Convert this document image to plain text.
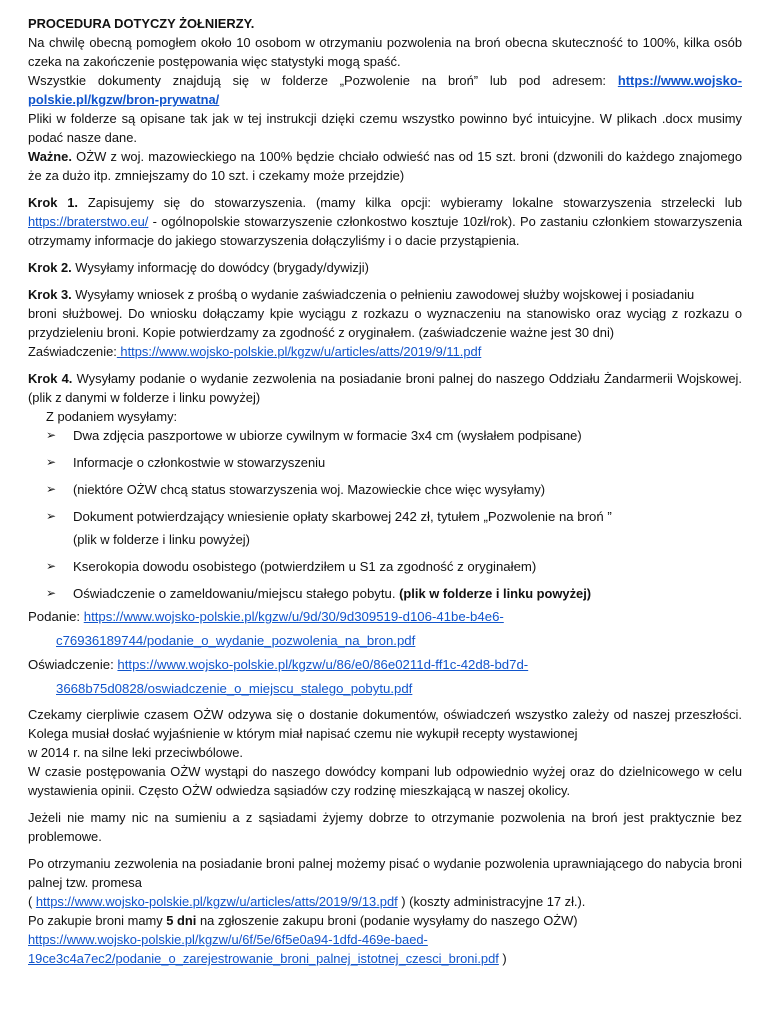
PROCEDURA DOTYCZY ŻOŁNIERZY.

Na chwilę obecną pomogłem około 10 osobom w otrzymaniu pozwolenia na broń obecna skuteczność to 100%, kilka osób czeka na zakończenie postępowania więc statystyki mogą spaść.

Wszystkie dokumenty znajdują się w folderze „Pozwolenie na broń” lub pod adresem: https://www.wojsko-polskie.pl/kgzw/bron-prywatna/

Pliki w folderze są opisane tak jak w tej instrukcji dzięki czemu wszystko powinno być intuicyjne. W plikach .docx musimy podać nasze dane.

Ważne. OŻW z woj. mazowieckiego na 100% będzie chciało odwieść nas od 15 szt. broni (dzwonili do każdego znajomego że za dużo itp. zmniejszamy do 10 szt. i czekamy może przejdzie)

Krok 1. Zapisujemy się do stowarzyszenia. (mamy kilka opcji: wybieramy lokalne stowarzyszenia strzelecki lub https://braterstwo.eu/ - ogólnopolskie stowarzyszenie członkostwo kosztuje 10zł/rok). Po zastaniu członkiem stowarzyszenia otrzymamy informacje do jakiego stowarzyszenia dołączyliśmy i o dacie przystąpienia.

Krok 2. Wysyłamy informację do dowódcy (brygady/dywizji)

Krok 3. Wysyłamy wniosek z prośbą o wydanie zaświadczenia o pełnieniu zawodowej służby wojskowej i posiadaniu

broni służbowej. Do wniosku dołączamy kpie wyciągu z rozkazu o wyznaczeniu na stanowisko oraz wyciąg z rozkazu o przydzieleniu broni. Kopie potwierdzamy za zgodność z oryginałem. (zaświadczenie ważne jest 30 dni)

Zaświadczenie: https://www.wojsko-polskie.pl/kgzw/u/articles/atts/2019/9/11.pdf

Krok 4. Wysyłamy podanie o wydanie zezwolenia na posiadanie broni palnej do naszego Oddziału Żandarmerii Wojskowej. (plik z danymi w folderze i linku powyżej)

Z podaniem wysyłamy:

➢ Dwa zdjęcia paszportowe w ubiorze cywilnym w formacie 3x4 cm (wysłałem podpisane)
➢ Informacje o członkostwie w stowarzyszeniu
➢ (niektóre OŻW chcą status stowarzyszenia woj. Mazowieckie chce więc wysyłamy)
➢ Dokument potwierdzający wniesienie opłaty skarbowej 242 zł, tytułem „Pozwolenie na broń ”

(plik w folderze i linku powyżej)

➢ Kserokopia dowodu osobistego (potwierdziłem u S1 za zgodność z oryginałem)
➢ Oświadczenie o zameldowaniu/miejscu stałego pobytu. (plik w folderze i linku powyżej)

Podanie: https://www.wojsko-polskie.pl/kgzw/u/9d/30/9d309519-d106-41be-b4e6-

c76936189744/podanie_o_wydanie_pozwolenia_na_bron.pdf

Oświadczenie: https://www.wojsko-polskie.pl/kgzw/u/86/e0/86e0211d-ff1c-42d8-bd7d-

3668b75d0828/oswiadczenie_o_miejscu_stalego_pobytu.pdf

Czekamy cierpliwie czasem OŻW odzywa się o dostanie dokumentów, oświadczeń wszystko zależy od naszej przeszłości. Kolega musiał dosłać wyjaśnienie w którym miał napisać czemu nie wykupił recepty wystawionej

w 2014 r. na silne leki przeciwbólowe.

W czasie postępowania OŻW wystąpi do naszego dowódcy kompani lub odpowiednio wyżej oraz do dzielnicowego w celu wystawienia opinii. Często OŻW odwiedza sąsiadów czy rodzinę mieszkającą w naszej okolicy.

Jeżeli nie mamy nic na sumieniu a z sąsiadami żyjemy dobrze to otrzymanie pozwolenia na broń jest praktycznie bez problemowe.

Po otrzymaniu zezwolenia na posiadanie broni palnej możemy pisać o wydanie pozwolenia uprawniającego do nabycia broni palnej tzw. promesa

( https://www.wojsko-polskie.pl/kgzw/u/articles/atts/2019/9/13.pdf ) (koszty administracyjne 17 zł.).

Po zakupie broni mamy 5 dni na zgłoszenie zakupu broni (podanie wysyłamy do naszego OŻW)

https://www.wojsko-polskie.pl/kgzw/u/6f/5e/6f5e0a94-1dfd-469e-baed-

19ce3c4a7ec2/podanie_o_zarejestrowanie_broni_palnej_istotnej_czesci_broni.pdf )
